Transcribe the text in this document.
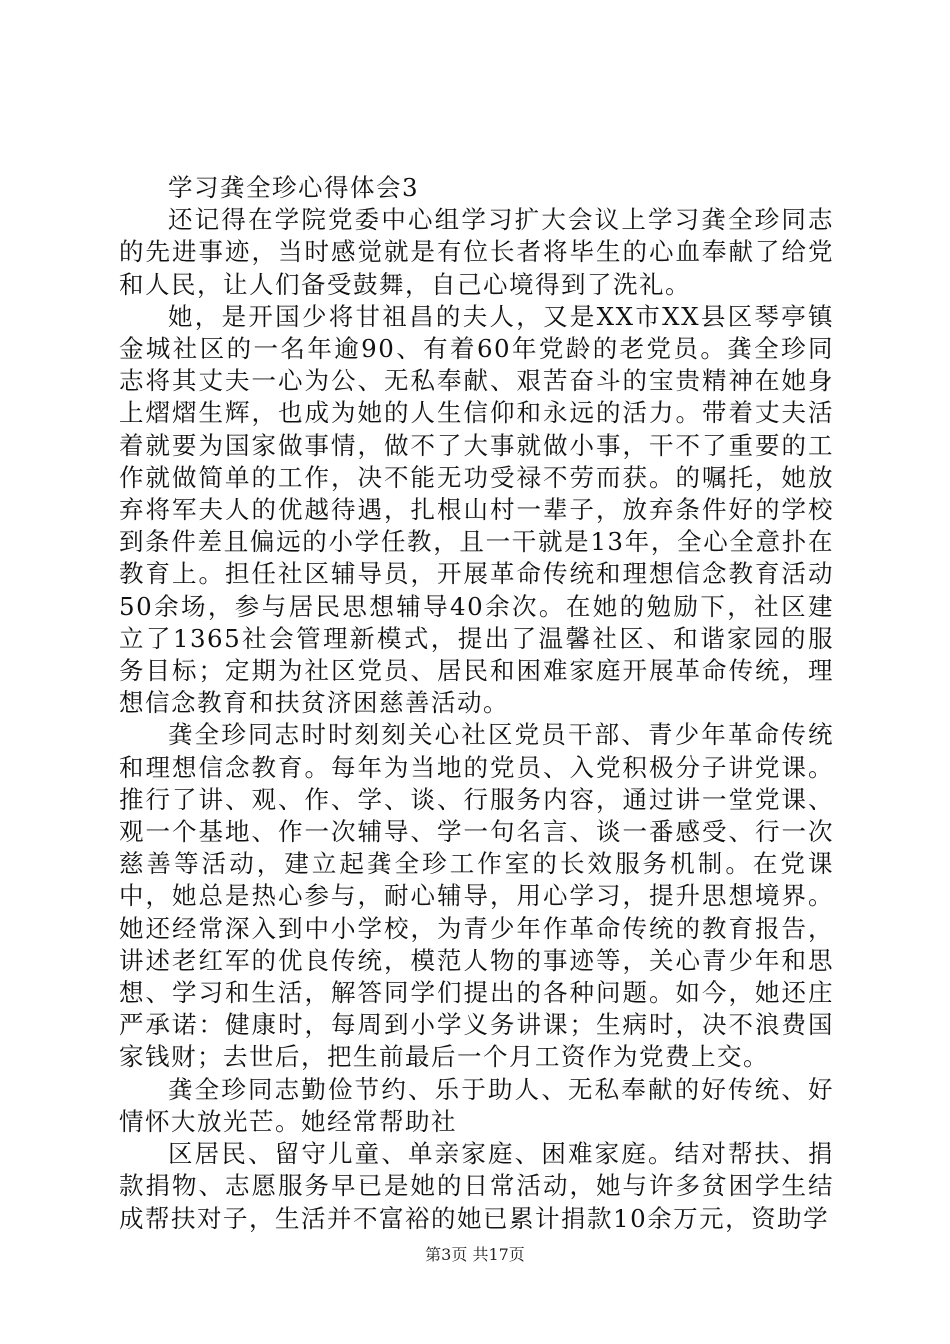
学习龚全珍心得体会3

还记得在学院党委中心组学习扩大会议上学习龚全珍同志的先进事迹，当时感觉就是有位长者将毕生的心血奉献了给党和人民，让人们备受鼓舞，自己心境得到了洗礼。

她，是开国少将甘祖昌的夫人，又是XX市XX县区琴亭镇金城社区的一名年逾90、有着60年党龄的老党员。龚全珍同志将其丈夫一心为公、无私奉献、艰苦奋斗的宝贵精神在她身上熠熠生辉，也成为她的人生信仰和永远的活力。带着丈夫活着就要为国家做事情，做不了大事就做小事，干不了重要的工作就做简单的工作，决不能无功受禄不劳而获。的嘱托，她放弃将军夫人的优越待遇，扎根山村一辈子，放弃条件好的学校到条件差且偏远的小学任教，且一干就是13年，全心全意扑在教育上。担任社区辅导员，开展革命传统和理想信念教育活动50余场，参与居民思想辅导40余次。在她的勉励下，社区建立了1365社会管理新模式，提出了温馨社区、和谐家园的服务目标；定期为社区党员、居民和困难家庭开展革命传统，理想信念教育和扶贫济困慈善活动。

龚全珍同志时时刻刻关心社区党员干部、青少年革命传统和理想信念教育。每年为当地的党员、入党积极分子讲党课。推行了讲、观、作、学、谈、行服务内容，通过讲一堂党课、观一个基地、作一次辅导、学一句名言、谈一番感受、行一次慈善等活动，建立起龚全珍工作室的长效服务机制。在党课中，她总是热心参与，耐心辅导，用心学习，提升思想境界。她还经常深入到中小学校，为青少年作革命传统的教育报告，讲述老红军的优良传统，模范人物的事迹等，关心青少年和思想、学习和生活，解答同学们提出的各种问题。如今，她还庄严承诺：健康时，每周到小学义务讲课；生病时，决不浪费国家钱财；去世后，把生前最后一个月工资作为党费上交。

龚全珍同志勤俭节约、乐于助人、无私奉献的好传统、好情怀大放光芒。她经常帮助社

区居民、留守儿童、单亲家庭、困难家庭。结对帮扶、捐款捐物、志愿服务早已是她的日常活动，她与许多贫困学生结成帮扶对子，生活并不富裕的她已累计捐款10余万元，资助学

第3页 共17页
